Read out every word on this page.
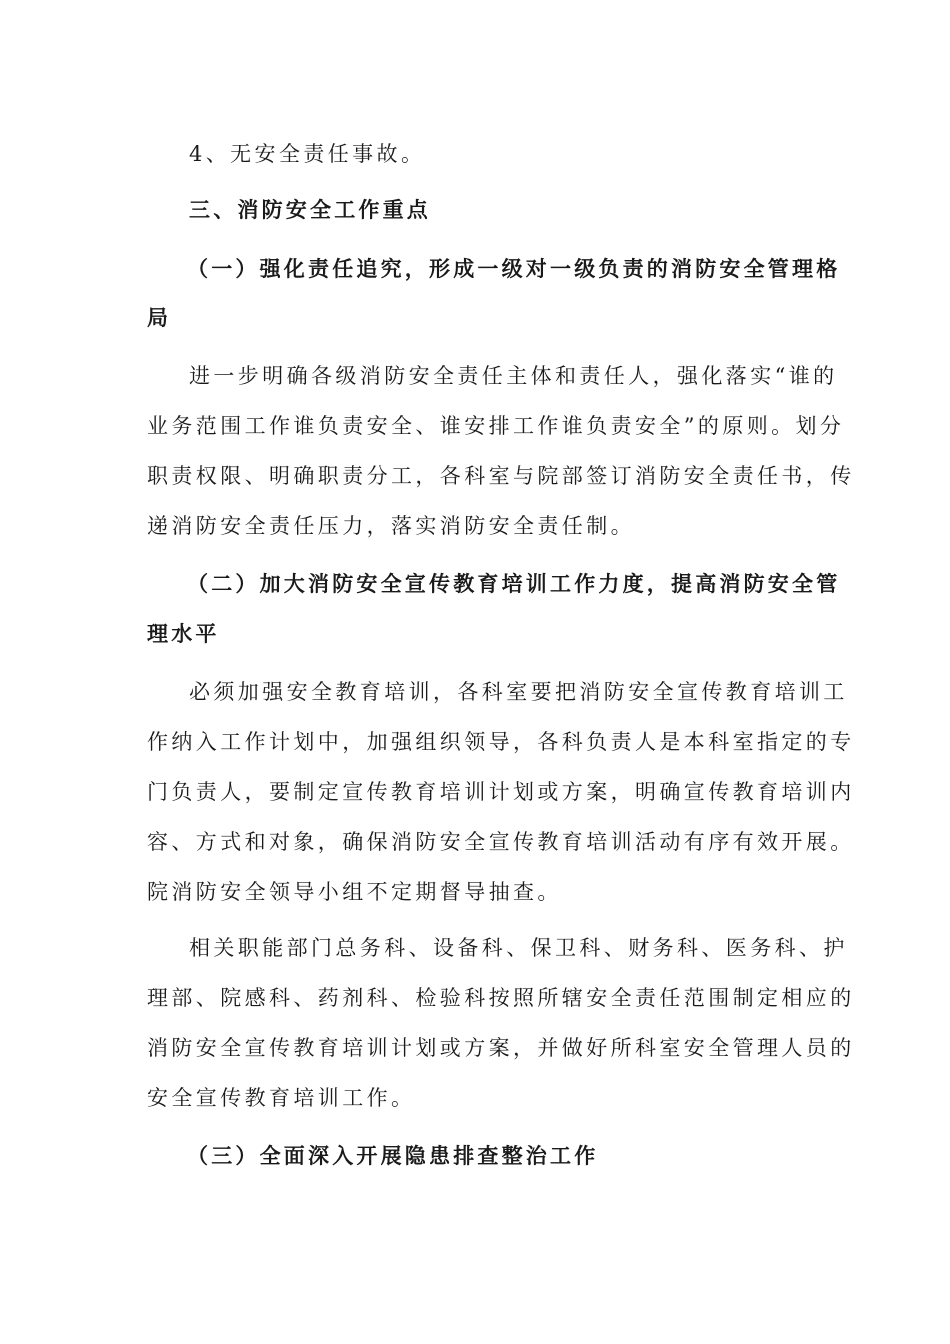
4、无安全责任事故。
三、消防安全工作重点
（一）强化责任追究，形成一级对一级负责的消防安全管理格
局
进一步明确各级消防安全责任主体和责任人，强化落实“谁的
业务范围工作谁负责安全、谁安排工作谁负责安全”的原则。划分
职责权限、明确职责分工，各科室与院部签订消防安全责任书，传
递消防安全责任压力，落实消防安全责任制。
（二）加大消防安全宣传教育培训工作力度，提高消防安全管
理水平
必须加强安全教育培训，各科室要把消防安全宣传教育培训工
作纳入工作计划中，加强组织领导，各科负责人是本科室指定的专
门负责人，要制定宣传教育培训计划或方案，明确宣传教育培训内
容、方式和对象，确保消防安全宣传教育培训活动有序有效开展。
院消防安全领导小组不定期督导抽查。
相关职能部门总务科、设备科、保卫科、财务科、医务科、护
理部、院感科、药剂科、检验科按照所辖安全责任范围制定相应的
消防安全宣传教育培训计划或方案，并做好所科室安全管理人员的
安全宣传教育培训工作。
（三）全面深入开展隐患排查整治工作
